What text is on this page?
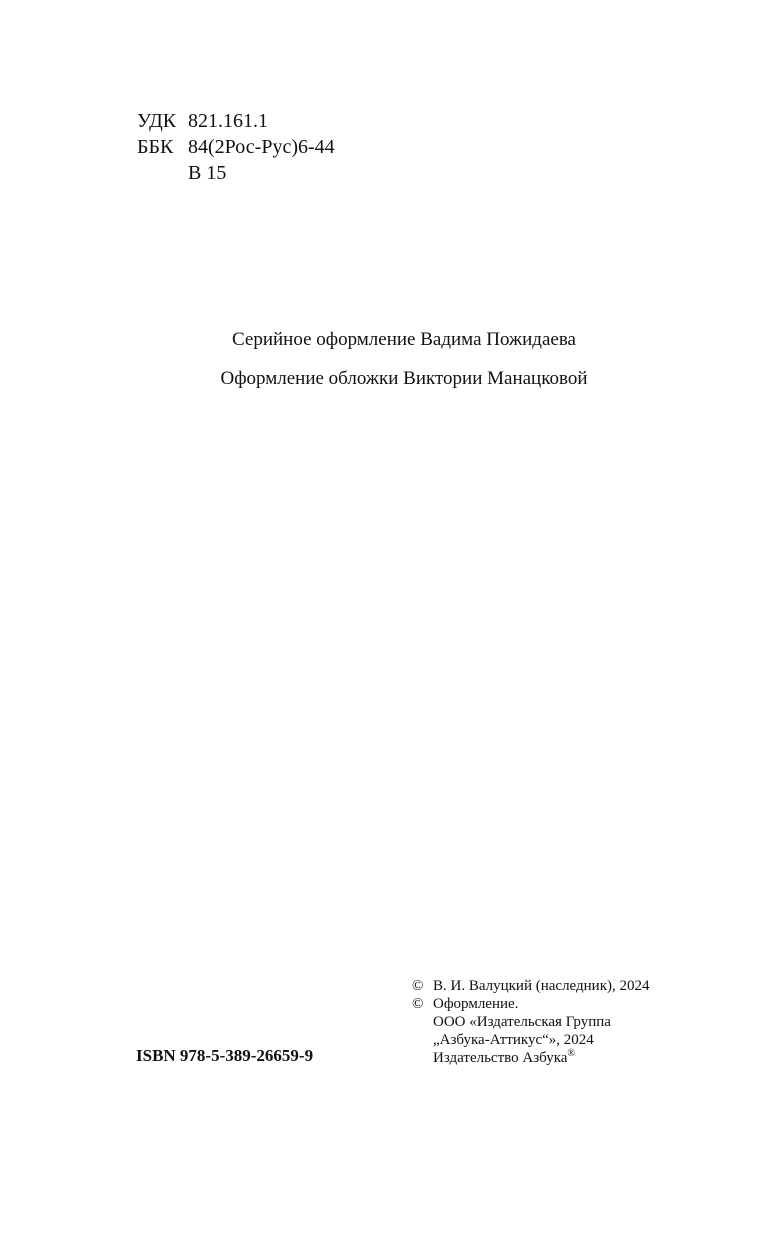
УДК 821.161.1
ББК 84(2Рос-Рус)6-44
В 15
Серийное оформление Вадима Пожидаева
Оформление обложки Виктории Манацковой
© В. И. Валуцкий (наследник), 2024
© Оформление.
ООО «Издательская Группа
„Азбука-Аттикус“», 2024
Издательство Азбука®
ISBN 978-5-389-26659-9
